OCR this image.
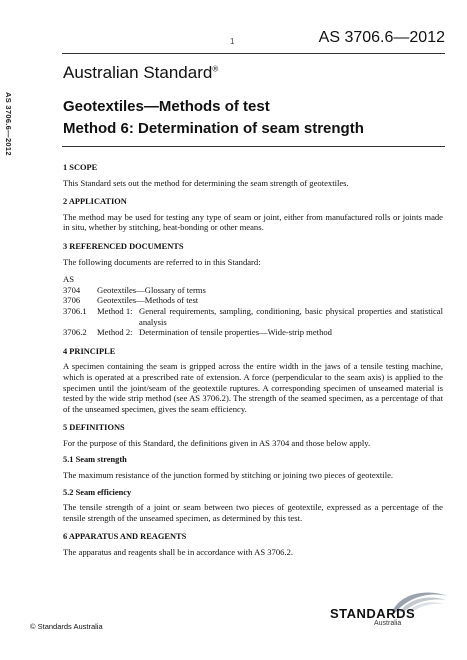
1	AS 3706.6—2012
Australian Standard®
AS 3706.6—2012	Geotextiles—Methods of test
Method 6: Determination of seam strength
1 SCOPE

This Standard sets out the method for determining the seam strength of geotextiles.

2 APPLICATION

The method may be used for testing any type of seam or joint, either from manufactured rolls or joints made in situ, whether by stitching, heat-bonding or other means.

3 REFERENCED DOCUMENTS

The following documents are referred to in this Standard:

AS		
3704	Geotextiles—Glossary of terms	
3706	Geotextiles—Methods of test	
3706.1	Method 1:	General requirements, sampling, conditioning, basic physical properties and statistical analysis
3706.2	Method 2:	Determination of tensile properties—Wide-strip method
4 PRINCIPLE

A specimen containing the seam is gripped across the entire width in the jaws of a tensile testing machine, which is operated at a prescribed rate of extension. A force (perpendicular to the seam axis) is applied to the specimen until the joint/seam of the geotextile ruptures. A corresponding specimen of unseamed material is tested by the wide strip method (see AS 3706.2). The strength of the seamed specimen, as a percentage of that of the unseamed specimen, gives the seam efficiency.

5 DEFINITIONS

For the purpose of this Standard, the definitions given in AS 3704 and those below apply.

5.1 Seam strength

The maximum resistance of the junction formed by stitching or joining two pieces of geotextile.

5.2 Seam efficiency

The tensile strength of a joint or seam between two pieces of geotextile, expressed as a percentage of the tensile strength of the unseamed specimen, as determined by this test.

6 APPARATUS AND REAGENTS

The apparatus and reagents shall be in accordance with AS 3706.2.

© Standards Australia
STANDARDS
Australia
